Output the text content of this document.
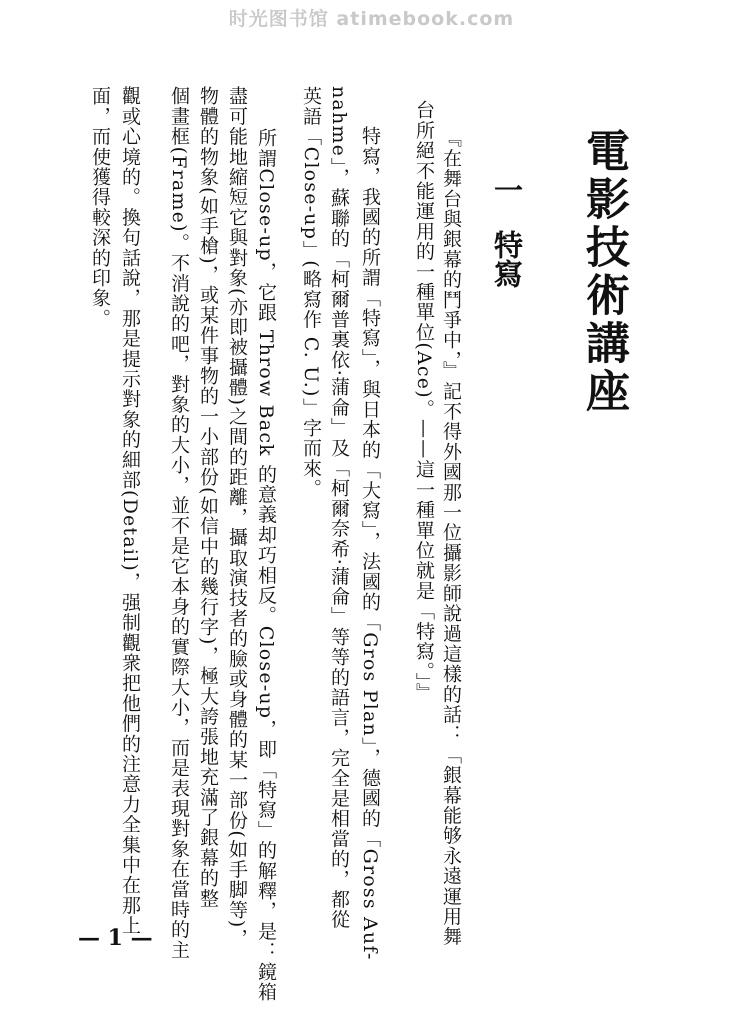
时光图书馆 atimebook.com
電影技術講座
一特寫
『在舞台與銀幕的鬥爭中，』記不得外國那一位攝影師說過這樣的話：「銀幕能够永遠運用舞
台所絕不能運用的一種單位(Ace)。——這一種單位就是「特寫。」』
特寫，我國的所謂「特寫」，與日本的「大寫」，法國的「Gros Plan」，德國的「Gross Auf-
nahme」，蘇聯的「柯爾普裏依·蒲侖」及「柯爾奈希·蒲侖」等等的語言，完全是相當的，都從
英語「Close-up」(略寫作 C. U.)」字而來。
所謂Close-up，它跟 Throw Back 的意義却巧相反。Close-up，即「特寫」的解釋，是：鏡箱
盡可能地縮短它與對象(亦即被攝體)之間的距離，攝取演技者的臉或身體的某一部份(如手脚等)，
物體的物象(如手槍)，或某件事物的一小部份(如信中的幾行字)，極大誇張地充滿了銀幕的整
個畫框(Frame)。不消說的吧，對象的大小，並不是它本身的實際大小，而是表現對象在當時的主
觀或心境的。換句話說，那是提示對象的細部(Detail)，强制觀衆把他們的注意力全集中在那上
面，而使獲得較深的印象。
— 1 —
